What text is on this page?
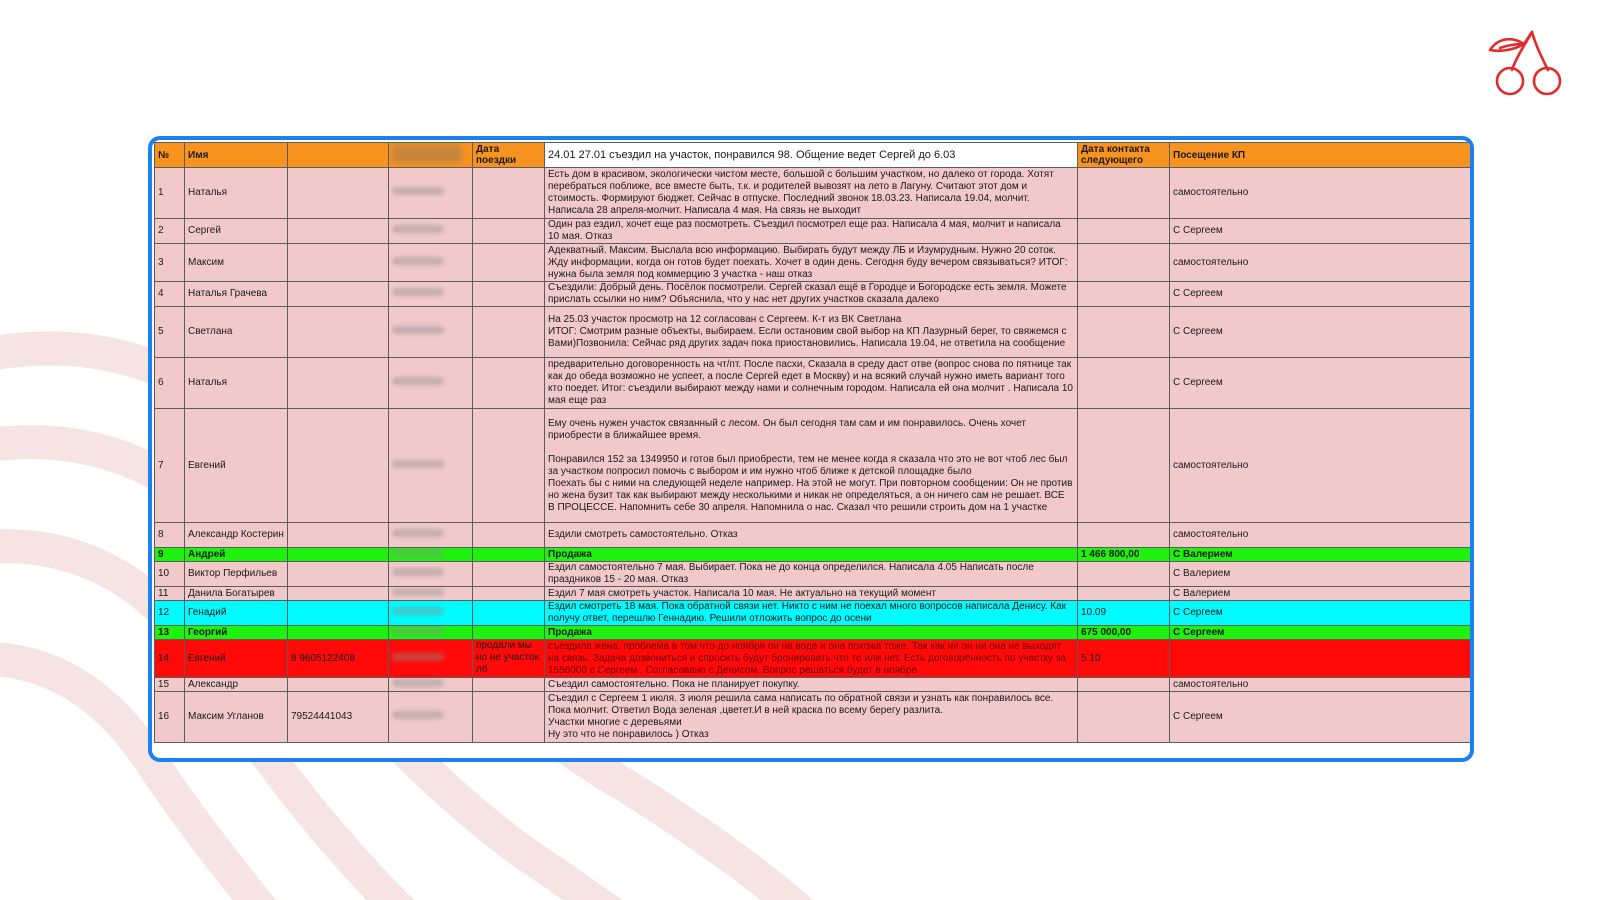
№	Имя			Дата поездки	24.01 27.01 съездил на участок, понравился 98. Общение ведет Сергей до 6.03	Дата контакта следующего	Посещение КП
1	Наталья				Есть дом в красивом, экологически чистом месте, большой с большим участком, но далеко от города. Хотят перебраться поближе, все вместе быть, т.к. и родителей вывозят на лето в Лагуну. Считают этот дом и стоимость. Формируют бюджет. Сейчас в отпуске. Последний звонок 18.03.23. Написала 19.04, молчит. Написала 28 апреля-молчит. Написала 4 мая. На связь не выходит		самостоятельно
2	Сергей				Один раз ездил, хочет еще раз посмотреть. Съездил посмотрел еще раз. Написала 4 мая, молчит и написала 10 мая. Отказ		С Сергеем
3	Максим				Адекватный. Максим. Выслала всю информацию. Выбирать будут между ЛБ и Изумрудным. Нужно 20 соток. Жду информации, когда он готов будет поехать. Хочет в один день. Сегодня буду вечером связываться? ИТОГ: нужна была земля под коммерцию 3 участка - наш отказ		самостоятельно
4	Наталья Грачева				Съездили: Добрый день. Посёлок посмотрели. Сергей сказал ещё в Городце и Богородске есть земля. Можете прислать ссылки но ним? Объяснила, что у нас нет других участков сказала далеко		С Сергеем
5	Светлана				На 25.03 участок просмотр на 12 согласован с Сергеем. К-т из ВК Светлана
ИТОГ: Смотрим разные объекты, выбираем. Если остановим свой выбор на КП Лазурный берег, то свяжемся с Вами)Позвонила: Сейчас ряд других задач пока приостановились. Написала 19.04, не ответила на сообщение		С Сергеем
6	Наталья				предварительно договоренность на чт/пт. После пасхи, Сказала в среду даст отве (вопрос снова по пятнице так как до обеда возможно не успеет, а после Сергей едет в Москву) и на всякий случай нужно иметь вариант того кто поедет. Итог: съездили выбирают между нами и солнечным городом. Написала ей она молчит . Написала 10 мая еще раз		С Сергеем
7	Евгений				Ему очень нужен участок связанный с лесом. Он был сегодня там сам и им понравилось. Очень хочет приобрести в ближайшее время.

Понравился 152 за 1349950 и готов был приобрести, тем не менее когда я сказала что это не вот чтоб лес был за участком попросил помочь с выбором и им нужно чтоб ближе к детской площадке было
Поехать бы с ними на следующей неделе например. На этой не могут. При повторном сообщении: Он не против но жена бузит так как выбирают между несколькими и никак не определяться, а он ничего сам не решает. ВСЕ В ПРОЦЕССЕ. Напомнить себе 30 апреля. Напомнила о нас. Сказал что решили строить дом на 1 участке		самостоятельно
8	Александр Костерин				Ездили смотреть самостоятельно. Отказ		самостоятельно
9	Андрей				Продажа	1 466 800,00	С Валерием
10	Виктор Перфильев				Ездил самостоятельно 7 мая. Выбирает. Пока не до конца определился. Написала 4.05 Написать после праздников 15 - 20 мая. Отказ		С Валерием
11	Данила Богатырев				Ездил 7 мая смотреть участок. Написала 10 мая. Не актуально на текущий момент		С Валерием
12	Генадий				Ездил смотреть 18 мая. Пока обратной связи нет. Никто с ним не поехал много вопросов написала Денису. Как получу ответ, перешлю Геннадию. Решили отложить вопрос до осени	10.09	С Сергеем
13	Георгий				Продажа	675 000,00	С Сергеем
14	Евгений	8 9605122408		продали мы но не участок лб	съездила жена, проблема в том что до ноября он на воде и она похожа тоже. Так как ни он ни она не выходят на связь. Задача дозвониться и спросить будут бронировать что то или нет. Есть договорённость по участку за 1556000 с Сергеем . Согласовано с Денисом. Вопрос решаться будет в ноябре	5.10	
15	Александр				Съездил самостоятельно. Пока не планирует покупку.		самостоятельно
16	Максим Угланов	79524441043			Съездил с Сергеем 1 июля. 3 июля решила сама написать по обратной связи и узнать как понравилось все. Пока молчит. Ответил Вода зеленая ,цветет.И в ней краска по всему берегу разлита.
Участки многие с деревьями
Ну это что не понравилось ) Отказ		С Сергеем
